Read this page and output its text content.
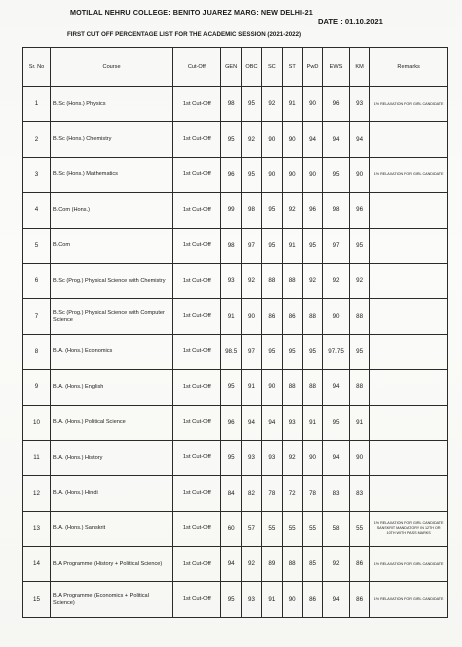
MOTILAL NEHRU COLLEGE: BENITO JUAREZ MARG: NEW DELHI-21
DATE : 01.10.2021
FIRST CUT OFF PERCENTAGE LIST FOR THE ACADEMIC SESSION (2021-2022)
Sr. No	Course	Cut-Off	GEN	OBC	SC	ST	PwD	EWS	KM	Remarks
1	B.Sc (Hons.) Physics	1st Cut-Off	98	95	92	91	90	96	93	1% RELAXATION FOR GIRL CANDIDATE
2	B.Sc (Hons.) Chemistry	1st Cut-Off	95	92	90	90	94	94	94	
3	B.Sc (Hons.) Mathematics	1st Cut-Off	96	95	90	90	90	95	90	1% RELAXATION FOR GIRL CANDIDATE
4	B.Com (Hons.)	1st Cut-Off	99	98	95	92	96	98	96	
5	B.Com	1st Cut-Off	98	97	95	91	95	97	95	
6	B.Sc (Prog.) Physical Science with Chemistry	1st Cut-Off	93	92	88	88	92	92	92	
7	B.Sc (Prog.) Physical Science with Computer Science	1st Cut-Off	91	90	86	86	88	90	88	
8	B.A. (Hons.) Economics	1st Cut-Off	98.5	97	95	95	95	97.75	95	
9	B.A. (Hons.) English	1st Cut-Off	95	91	90	88	88	94	88	
10	B.A. (Hons.) Political Science	1st Cut-Off	96	94	94	93	91	95	91	
11	B.A. (Hons.) History	1st Cut-Off	95	93	93	92	90	94	90	
12	B.A. (Hons.) Hindi	1st Cut-Off	84	82	78	72	78	83	83	
13	B.A. (Hons.) Sanskrit	1st Cut-Off	60	57	55	55	55	58	55	1% RELAXATION FOR GIRL CANDIDATE SANSKRIT MANDATORY IN 12TH OR 10TH WITH PASS MARKS
14	B.A Programme (History + Political Science)	1st Cut-Off	94	92	89	88	85	92	86	1% RELAXATION FOR GIRL CANDIDATE
15	B.A Programme (Economics + Political Science)	1st Cut-Off	95	93	91	90	86	94	86	1% RELAXATION FOR GIRL CANDIDATE
